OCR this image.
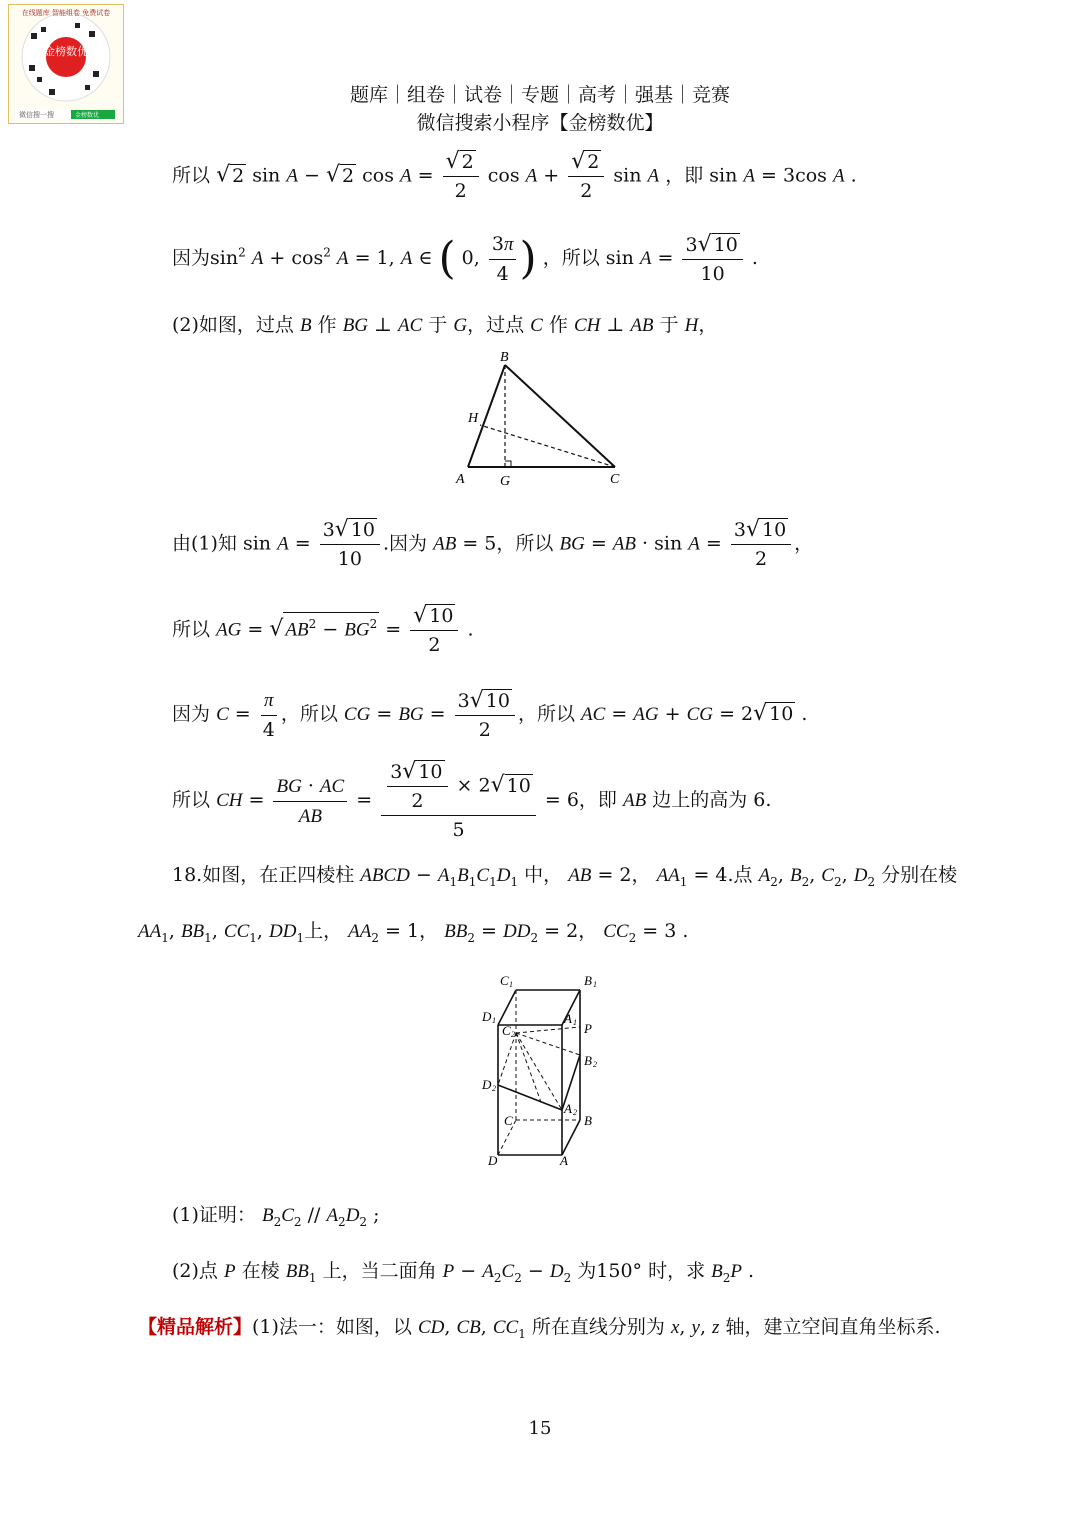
金榜数优
微信搜一搜	金榜数优
在线题库 智能组卷 免费试卷
题库｜组卷｜试卷｜专题｜高考｜强基｜竞赛
微信搜索小程序【金榜数优】
所以 √ 2 sin A − √ 2 $\cos A = \frac{√ 2}{2}$ $\cos A + \frac{√ 2}{2}$ sin A ，即 sin A = 3cos A .
因为$\sin^2 A + \cos^2 A = 1$, A ∈ ( 0, $\frac{3\pi}{4}$ ) ，所以 $\sin A = \frac{3√ 10}{10}$ .
(2)如图，过点 B 作 BG ⊥ AC 于 G，过点 C 作 CH ⊥ AB 于 H，
B
H
A	G	C
由(1)知 $\sin A = \frac{3√ 10}{10}$ .因为 AB = 5，所以 BG = AB · $\sin A = \frac{3√ 10}{2}$ ，
所以 AG = √ $AB^2 - BG^2 = \frac{√ 10}{2}$ .
因为 $C = \frac{\pi}{4}$ ，所以 CG = BG = $\frac{3√ 10}{2}$ ，所以 AC = AG + CG = 2√ 10 .
所以 CH = $\frac{BG \cdot AC}{AB} = \frac{\frac{3√ 10}{2} \times 2√ 10}{5} = 6$，即 AB 边上的高为 6.
18.如图，在正四棱柱 ABCD − $A_1B_1C_1D_1$ 中， AB = 2， $AA_1 = 4$.点 $A_2$, $B_2$, $C_2$, $D_2$ 分别在棱
$AA_1$, $BB_1$, $CC_1$, $DD_1$上， $AA_2 = 1$， $BB_2 = DD_2 = 2$， $CC_2 = 3$ .
C	B
D	A
P
C
B
D
A
C	B
D	A
1	1
1	1
2
2
2
2
(1)证明： $B_2C_2 // A_2D_2$ ;
(2)点 P 在棱 $BB_1$ 上，当二面角 $P - A_2C_2 - D_2$ 为150° 时，求 $B_2P$ .
【精品解析】(1)法一：如图，以 CD, CB, $CC_1$ 所在直线分别为 x, y, z 轴，建立空间直角坐标系.
15
